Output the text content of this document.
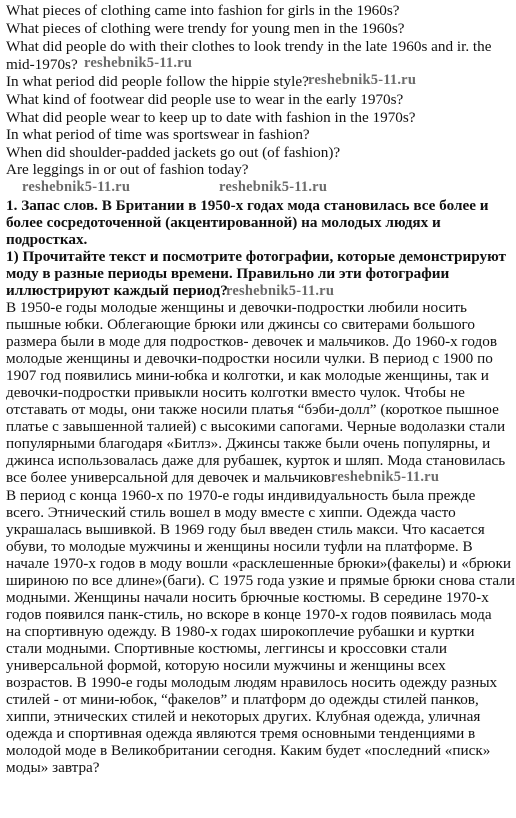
What pieces of clothing came into fashion for girls in the 1960s?
What pieces of clothing were trendy for young men in the 1960s?
What did people do with their clothes to look trendy in the late 1960s and ir. the
mid-1970s?
In what period did people follow the hippie style?
What kind of footwear did people use to wear in the early 1970s?
What did people wear to keep up to date with fashion in the 1970s?
In what period of time was sportswear in fashion?
When did shoulder-padded jackets go out (of fashion)?
Are leggings in or out of fashion today?
1. Запас слов. В Британии в 1950-х годах мода становилась все более и
более сосредоточенной (акцентированной) на молодых людях и
подростках.
1) Прочитайте текст и посмотрите фотографии, которые демонстрируют
моду в разные периоды времени. Правильно ли эти фотографии
иллюстрируют каждый период?
В 1950-е годы молодые женщины и девочки-подростки любили носить
пышные юбки. Облегающие брюки или джинсы со свитерами большого
размера были в моде для подростков- девочек и мальчиков. До 1960-х годов
молодые женщины и девочки-подростки носили чулки. В период с 1900 по
1907 год появились мини-юбка и колготки, и как молодые женщины, так и
девочки-подростки привыкли носить колготки вместо чулок. Чтобы не
отставать от моды, они также носили платья “бэби-долл” (короткое пышное
платье с завышенной талией) с высокими сапогами. Черные водолазки стали
популярными благодаря «Битлз». Джинсы также были очень популярны, и
джинса использовалась даже для рубашек, курток и шляп. Мода становилась
все более универсальной для девочек и мальчиков.
В период с конца 1960-х по 1970-е годы индивидуальность была прежде
всего. Этнический стиль вошел в моду вместе с хиппи. Одежда часто
украшалась вышивкой. В 1969 году был введен стиль макси. Что касается
обуви, то молодые мужчины и женщины носили туфли на платформе. В
начале 1970-х годов в моду вошли «расклешенные брюки»(факелы) и «брюки
шириною по все длине»(баги). С 1975 года узкие и прямые брюки снова стали
модными. Женщины начали носить брючные костюмы. В середине 1970-х
годов появился панк-стиль, но вскоре в конце 1970-х годов появилась мода
на спортивную одежду. В 1980-х годах широкоплечие рубашки и куртки
стали модными. Спортивные костюмы, леггинсы и кроссовки стали
универсальной формой, которую носили мужчины и женщины всех
возрастов. В 1990-е годы молодым людям нравилось носить одежду разных
стилей - от мини-юбок, “факелов” и платформ до одежды стилей панков,
хиппи, этнических стилей и некоторых других. Клубная одежда, уличная
одежда и спортивная одежда являются тремя основными тенденциями в
молодой моде в Великобритании сегодня. Каким будет «последний «писк»
моды» завтра?
reshebnik5-11.ru
reshebnik5-11.ru
reshebnik5-11.ru	reshebnik5-11.ru
reshebnik5-11.ru
reshebnik5-11.ru
